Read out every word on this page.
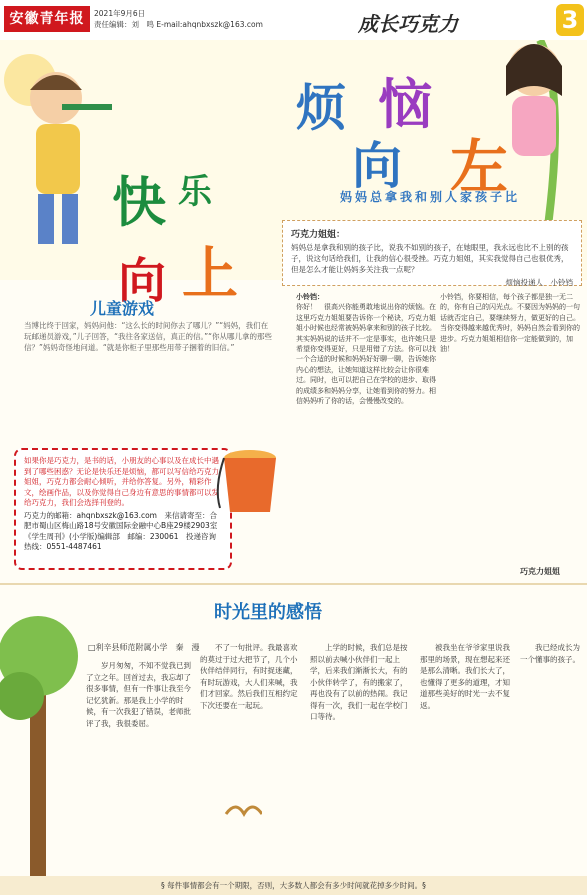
安徽青年报	2021年9月6日
责任编辑：刘　鸣 E-mail:ahqnbxszk@163.com	成长巧克力	3
快 乐
向 上
烦 恼
向 左
妈妈总拿我和别人家孩子比
巧克力姐姐：
妈妈总是拿我和别的孩子比，说我不如别的孩子，在她眼里，我永远也比不上别的孩子，说这句话给我们，让我的信心很受挫。巧克力姐姐，其实我觉得自己也很优秀，但是怎么才能让妈妈多关注我一点呢？
烦恼投递人　小铃铛
儿童游戏
当博比终于回家，妈妈问他：“这么长的时间你去了哪儿？”“妈妈，我们在玩邮递员游戏，”儿子回答，“我往各家送信，真正的信。”“你从哪儿拿的那些信？”妈妈奇怪地问道。“就是你柜子里那些用带子捆着的旧信。”
如果你是巧克力，是书的话，小朋友的心事以及在成长中遇到了哪些困惑？无论是快乐还是烦恼，都可以写信给巧克力姐姐，巧克力都会耐心倾听，并给你答复。另外，精彩作文，绘画作品，以及你觉得自己身边有意思的事情都可以发给巧克力，我们会选择刊登的。
巧克力的邮箱：ahqnbxszk@163.com　来信请寄至：合肥市蜀山区梅山路18号安徽国际金融中心B座29楼2903室《学生周刊》(小学版)编辑部　邮编：230061　投递咨询热线：0551-4487461
小铃铛：
你好！　很高兴你能勇敢地说出你的烦恼。在这里巧克力姐姐要告诉你一个秘诀，巧克力姐姐小时候也经常被妈妈拿来和别的孩子比较。其实妈妈说的话并不一定是事实，也许她只是希望你变得更好，只是用错了方法。你可以找一个合适的时候和妈妈好好聊一聊，告诉她你内心的想法，让她知道这样比较会让你很难过。同时，也可以把自己在学校的进步、取得的成绩多和妈妈分享，让她看到你的努力。相信妈妈听了你的话，会慢慢改变的。
小铃铛，你要相信，每个孩子都是独一无二的，你有自己的闪光点。不要因为妈妈的一句话就否定自己，要继续努力，做更好的自己。当你变得越来越优秀时，妈妈自然会看到你的进步。巧克力姐姐相信你一定能做到的，加油！
巧克力姐姐
时光里的感悟
□利辛县师范附属小学　秦　漫
岁月匆匆，不知不觉我已到了立之年。回首过去，我忘却了很多事情，但有一件事让我至今记忆犹新。那是我上小学的时候，有一次我犯了错误，老师批评了我，我很委屈。
不了一句批评。我最喜欢的莫过于过大把节了，几个小伙伴结伴同行，有时捉迷藏，有时玩游戏，大人们来喊，我们才回家。然后我们互相约定下次还要在一起玩。
上学的时候，我们总是按照以前去喊小伙伴们一起上学，后来我们渐渐长大，有的小伙伴转学了，有的搬家了，再也没有了以前的热闹。我记得有一次，我们一起在学校门口等待。
被我坐在爷爷家里说我那里的场景，现在想起来还是那么清晰。我们长大了，也懂得了更多的道理，才知道那些美好的时光一去不复返。
我已经成长为一个懂事的孩子。
§ 每件事情都会有一个期限，否则，大多数人都会有多少时间就花掉多少时间。§
